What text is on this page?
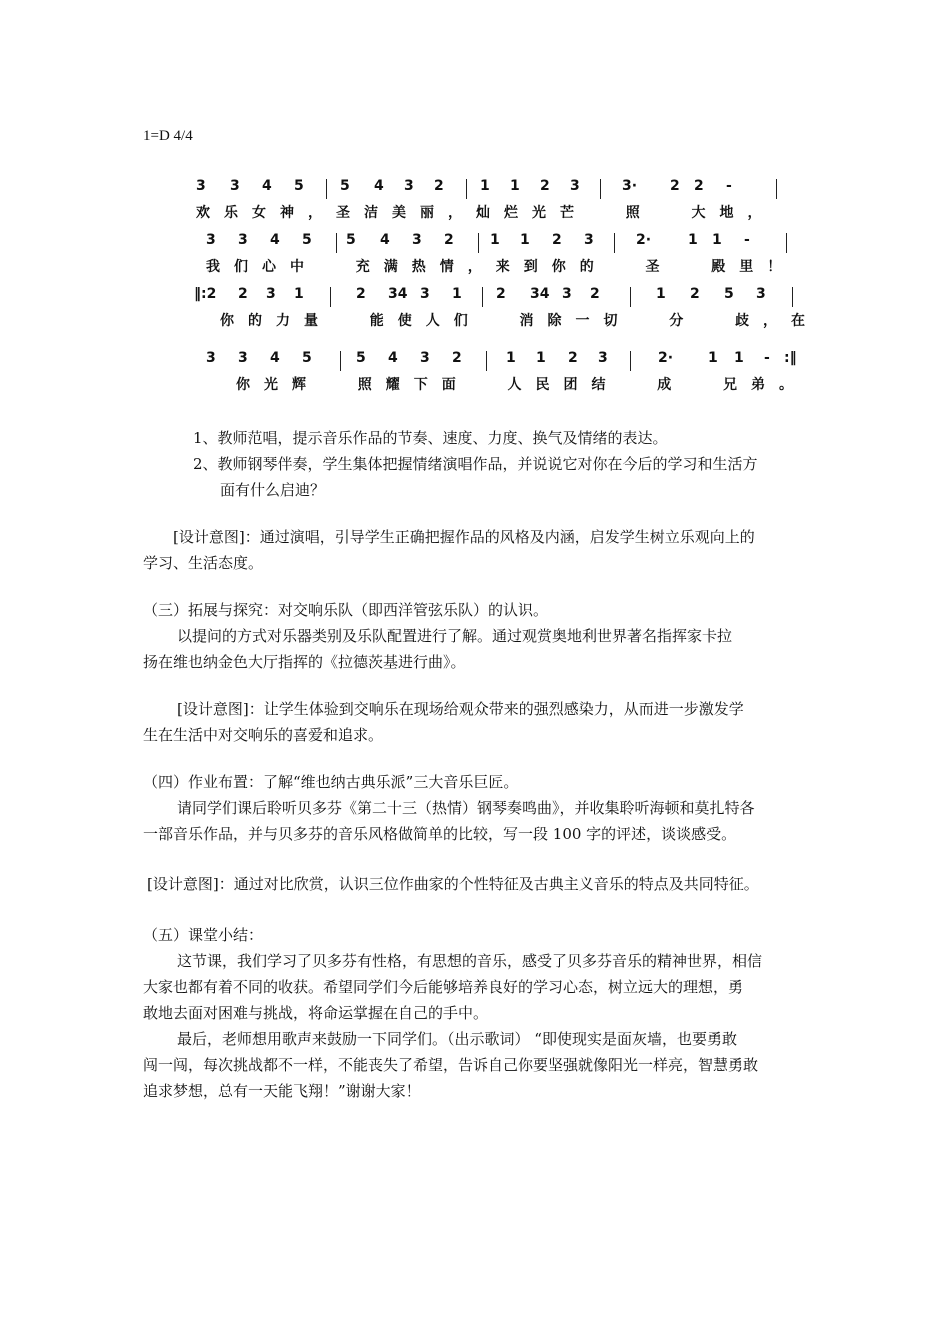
1=D 4/4
3 3 4 5	5 4 3 2	1 1 2 3	3· 2 2 -
欢乐女神，圣洁美丽，灿烂光芒  照  大地，
3 3 4 5 5 4 3 2	1 1 2 3	2·	1 1 -
我们心中  充满热情，来到你的  圣  殿里！
‖:2 2 3 1	2 34 3 1 2 34 3 2	1 2 5 3
你的力量  能使人们  消除一切  分  歧，在
3 3 4 5	5 4 3 2	1 1 2 3	2· 1 1 - :‖
你光辉  照耀下面  人民团结  成  兄弟。

1、教师范唱，提示音乐作品的节奏、速度、力度、换气及情绪的表达。

2、教师钢琴伴奏，学生集体把握情绪演唱作品，并说说它对你在今后的学习和生活方

面有什么启迪？

[设计意图]：通过演唱，引导学生正确把握作品的风格及内涵，启发学生树立乐观向上的

学习、生活态度。

（三）拓展与探究：对交响乐队（即西洋管弦乐队）的认识。

以提问的方式对乐器类别及乐队配置进行了解。通过观赏奥地利世界著名指挥家卡拉

扬在维也纳金色大厅指挥的《拉德茨基进行曲》。

[设计意图]：让学生体验到交响乐在现场给观众带来的强烈感染力，从而进一步激发学

生在生活中对交响乐的喜爱和追求。

（四）作业布置：了解“维也纳古典乐派”三大音乐巨匠。

请同学们课后聆听贝多芬《第二十三（热情）钢琴奏鸣曲》，并收集聆听海顿和莫扎特各

一部音乐作品，并与贝多芬的音乐风格做简单的比较，写一段 100 字的评述，谈谈感受。

[设计意图]：通过对比欣赏，认识三位作曲家的个性特征及古典主义音乐的特点及共同特征。

（五）课堂小结：

这节课，我们学习了贝多芬有性格，有思想的音乐，感受了贝多芬音乐的精神世界，相信

大家也都有着不同的收获。希望同学们今后能够培养良好的学习心态，树立远大的理想，勇

敢地去面对困难与挑战，将命运掌握在自己的手中。

最后，老师想用歌声来鼓励一下同学们。（出示歌词） “即使现实是面灰墙，也要勇敢

闯一闯，每次挑战都不一样，不能丧失了希望，告诉自己你要坚强就像阳光一样亮，智慧勇敢

追求梦想，总有一天能飞翔！”谢谢大家！
